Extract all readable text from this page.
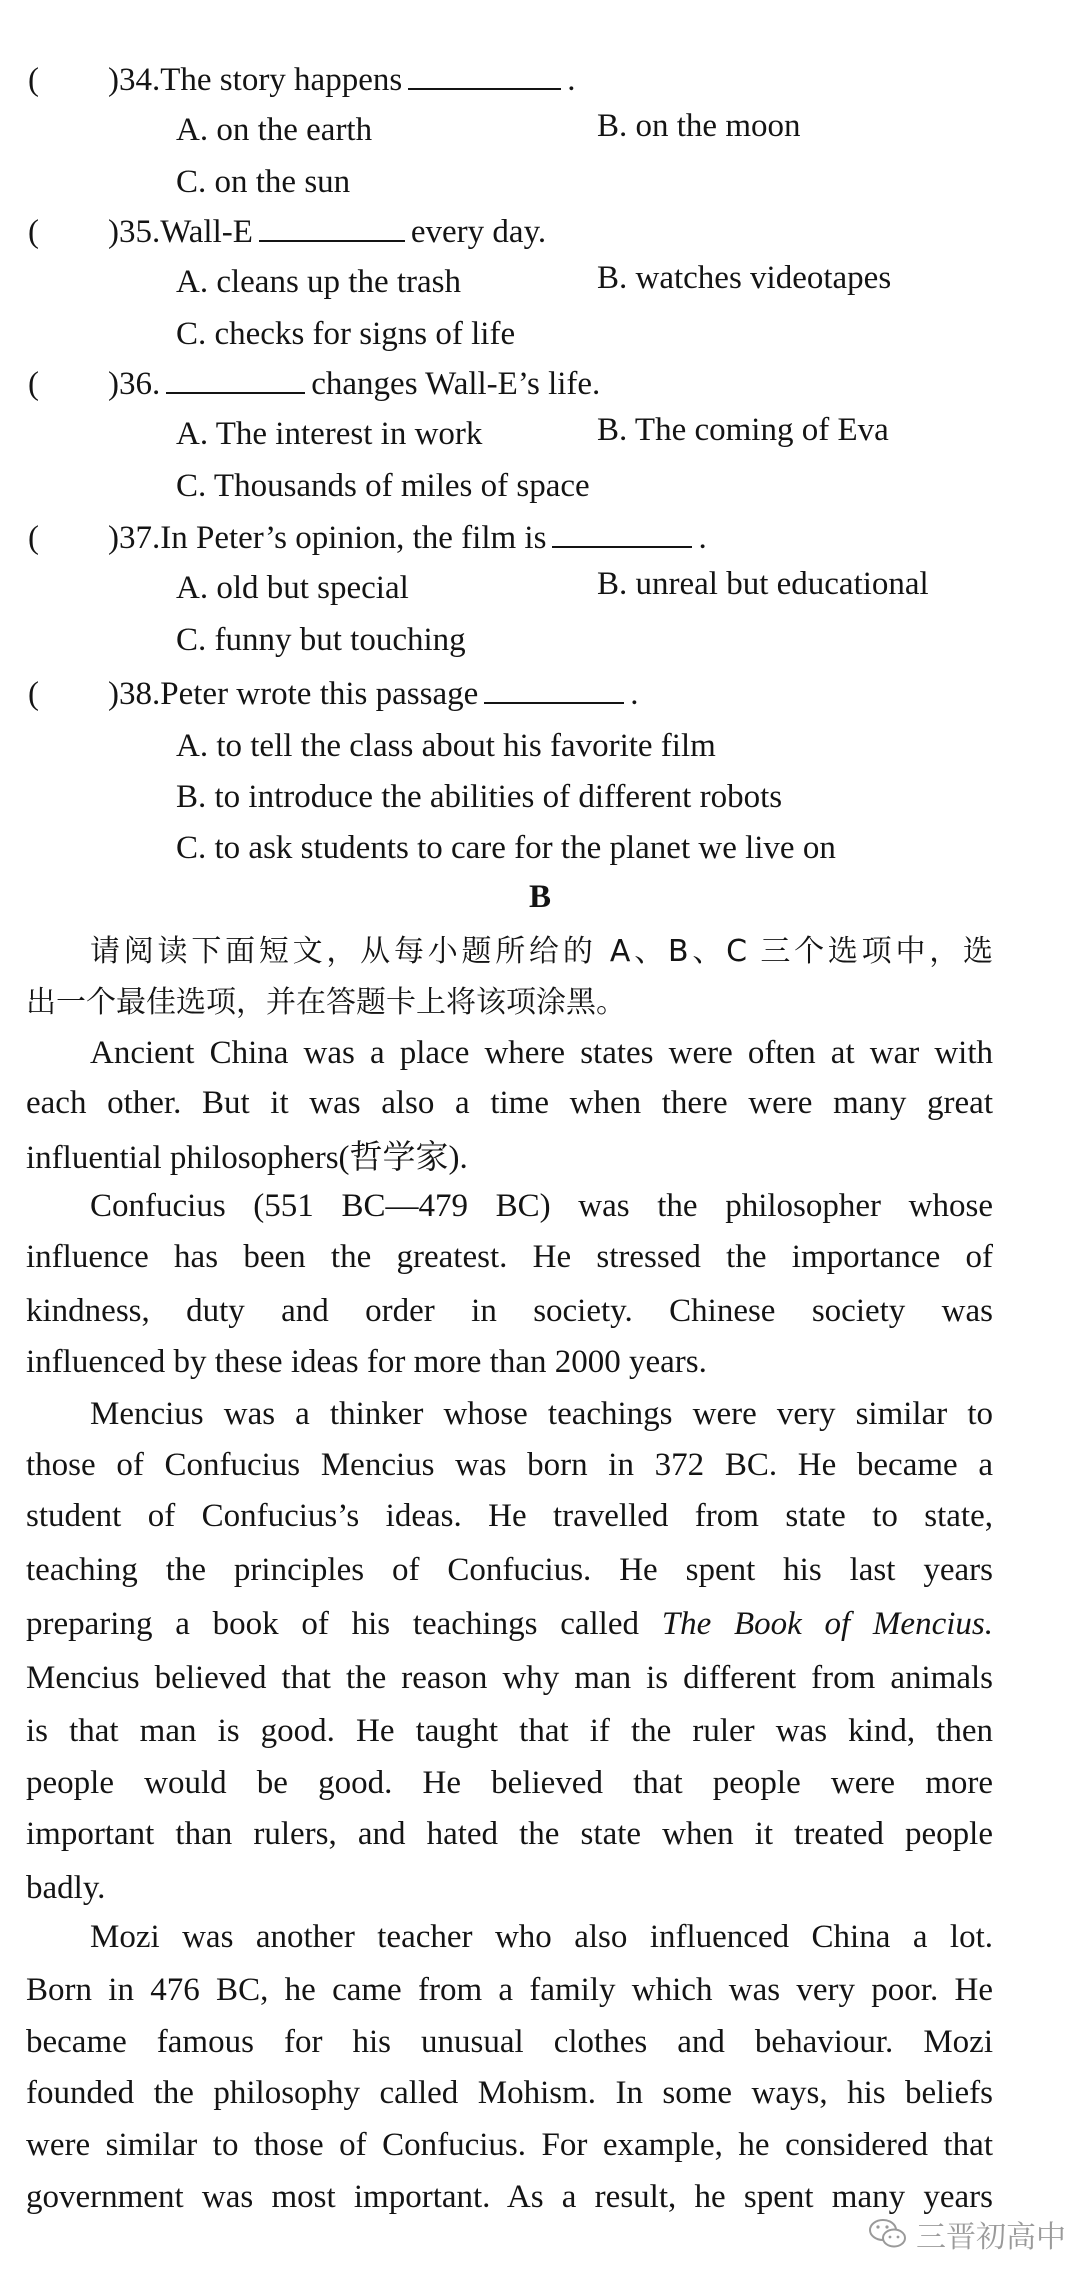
( )34.The story happens	.
A. on the earth	B. on the moon
C. on the sun
( )35.Wall-E	every day.
A. cleans up the trash	B. watches videotapes
C. checks for signs of life
( )36.	changes Wall-E’s life.
A. The interest in work	B. The coming of Eva
C. Thousands of miles of space
( )37.In Peter’s opinion, the film is	.
A. old but special	B. unreal but educational
C. funny but touching
( )38.Peter wrote this passage	.
A. to tell the class about his favorite film
B. to introduce the abilities of different robots
C. to ask students to care for the planet we live on
B
请阅读下面短文，从每小题所给的 A、B、C 三个选项中，选
出一个最佳选项，并在答题卡上将该项涂黑。
Ancient China was a place where states were often at war with
each other. But it was also a time when there were many great
influential philosophers(哲学家).
Confucius (551 BC—479 BC) was the philosopher whose
influence has been the greatest. He stressed the importance of
kindness, duty and order in society. Chinese society was
influenced by these ideas for more than 2000 years.
Mencius was a thinker whose teachings were very similar to
those of Confucius Mencius was born in 372 BC. He became a
student of Confucius’s ideas. He travelled from state to state,
teaching the principles of Confucius. He spent his last years
preparing a book of his teachings called The Book of Mencius.
Mencius believed that the reason why man is different from animals
is that man is good. He taught that if the ruler was kind, then
people would be good. He believed that people were more
important than rulers, and hated the state when it treated people
badly.
Mozi was another teacher who also influenced China a lot.
Born in 476 BC, he came from a family which was very poor. He
became famous for his unusual clothes and behaviour. Mozi
founded the philosophy called Mohism. In some ways, his beliefs
were similar to those of Confucius. For example, he considered that
government was most important. As a result, he spent many years
三晋初高中
